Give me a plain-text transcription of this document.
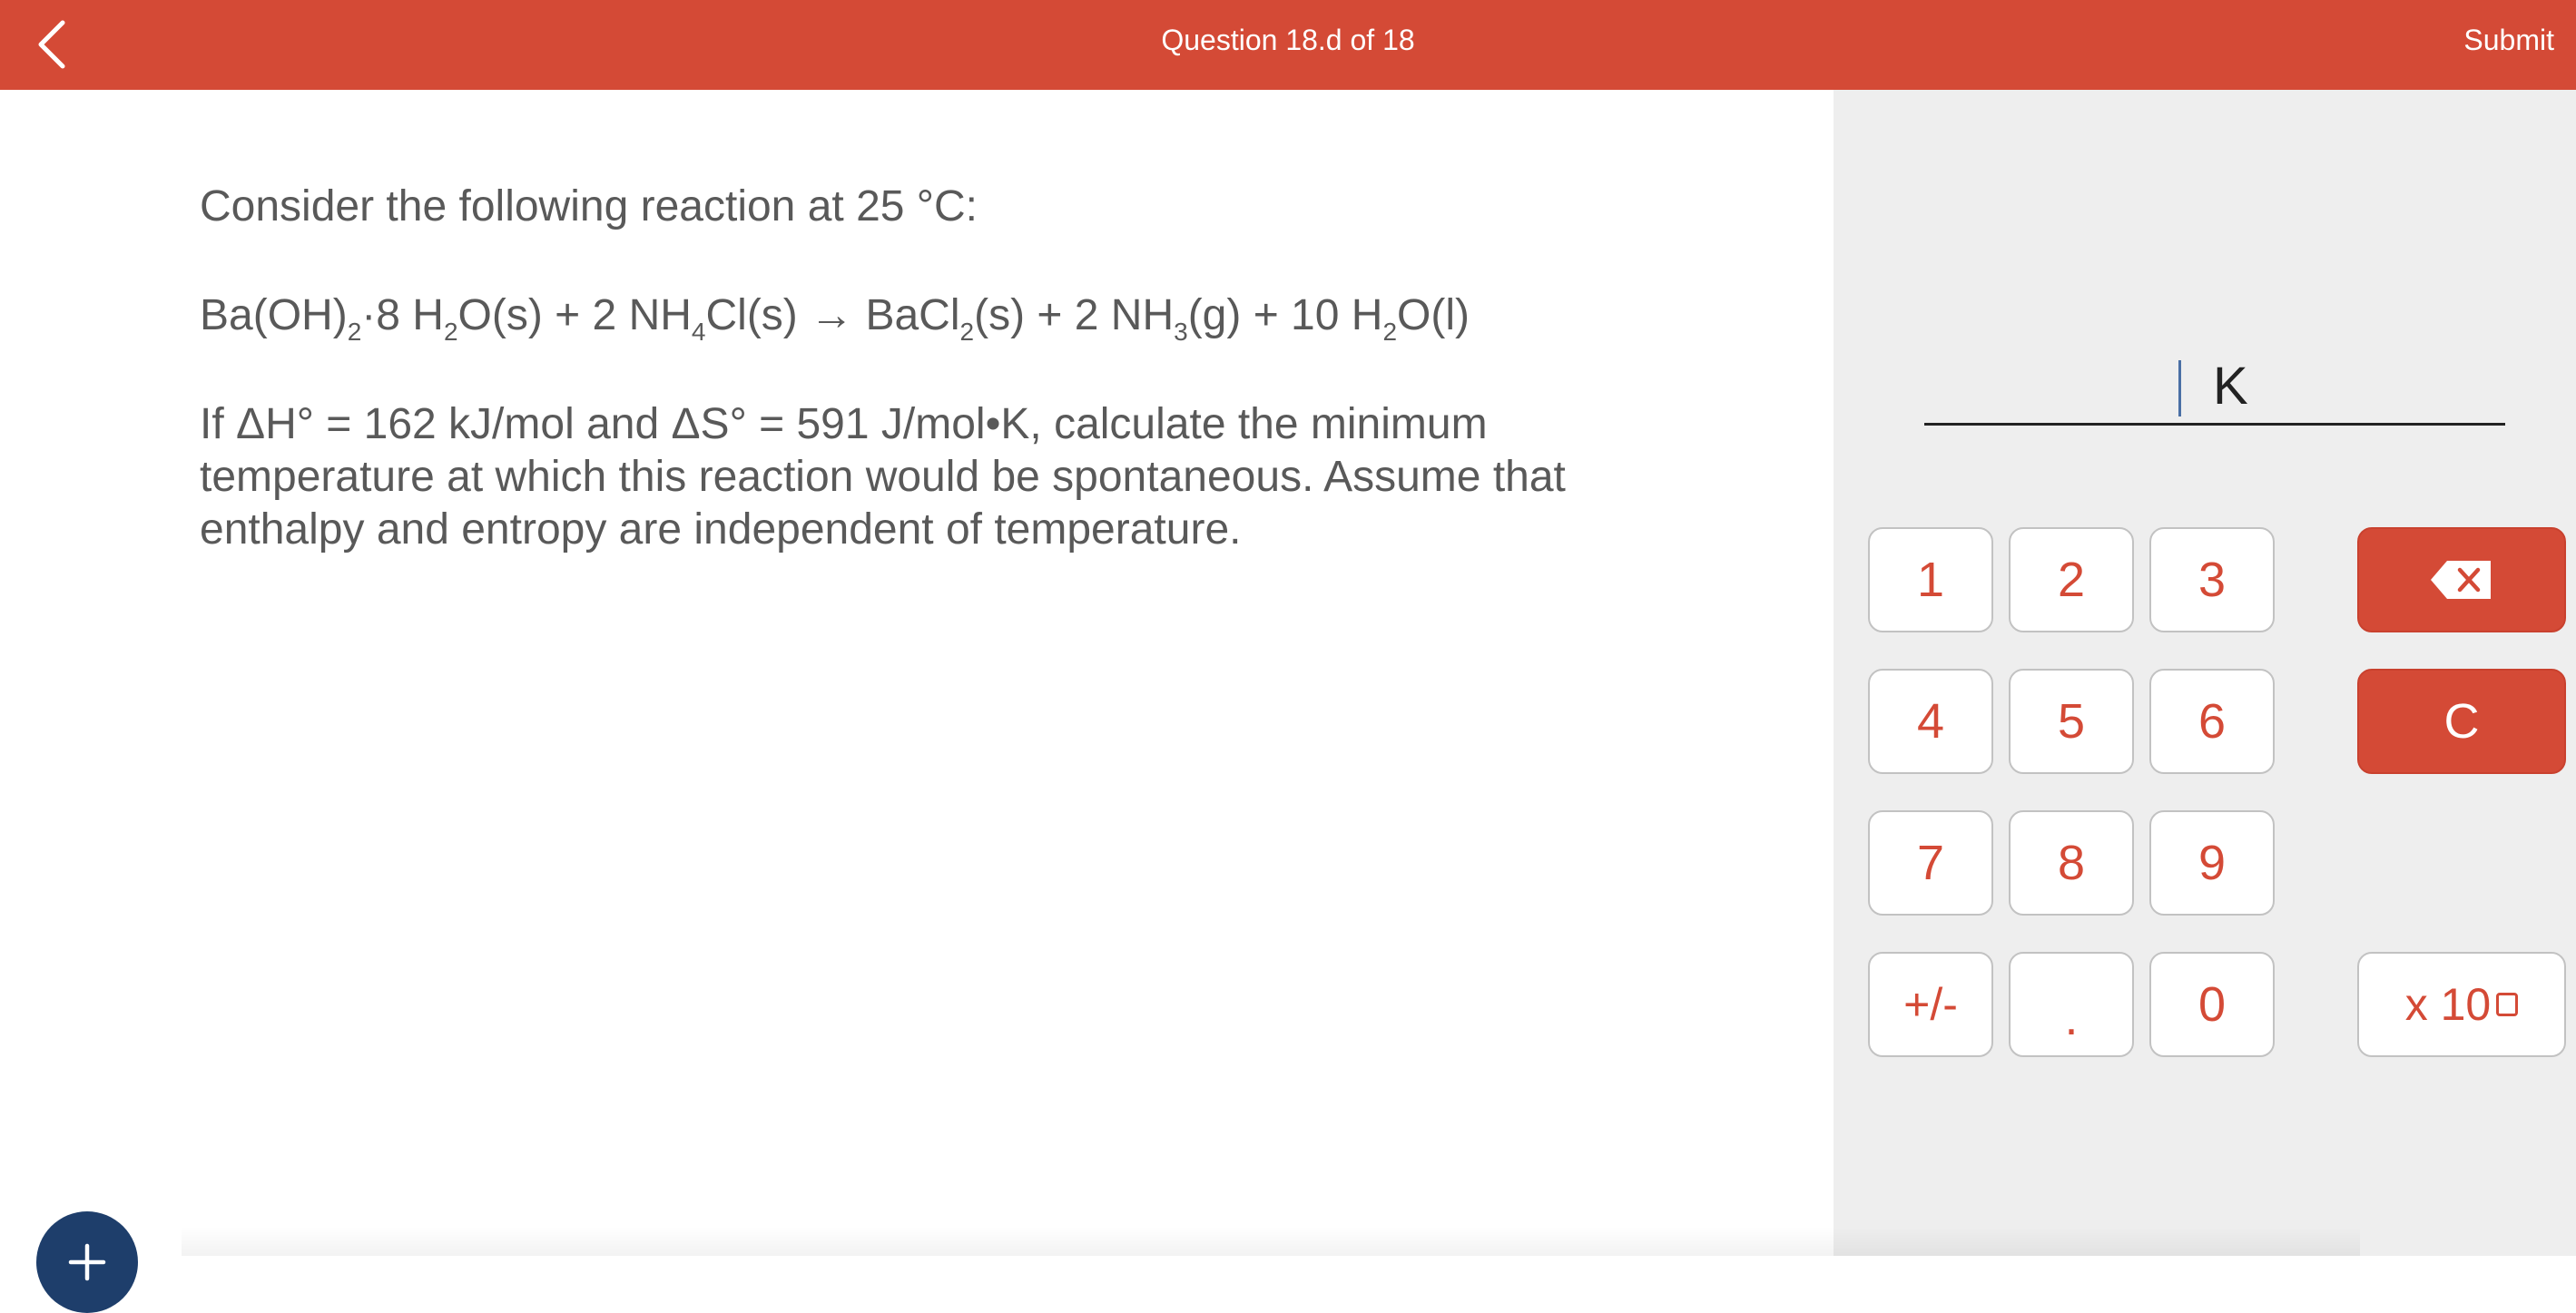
Question 18.d of 18	Submit

Consider the following reaction at 25 °C:

$Ba(OH)_2\cdot 8$ $H_2O(s) + 2$ $NH_4Cl(s)$ → BaCl$_2$(s) + 2 $NH_3(g) + 10$ $H_2O(l)$

If ΔH° = 162 kJ/mol and ΔS° = 591 J/mol•K, calculate the minimum temperature at which this reaction would be spontaneous. Assume that enthalpy and entropy are independent of temperature.

K
1	2	3
4	5	6	C
7	8	9
+/-	.	0	x 10
